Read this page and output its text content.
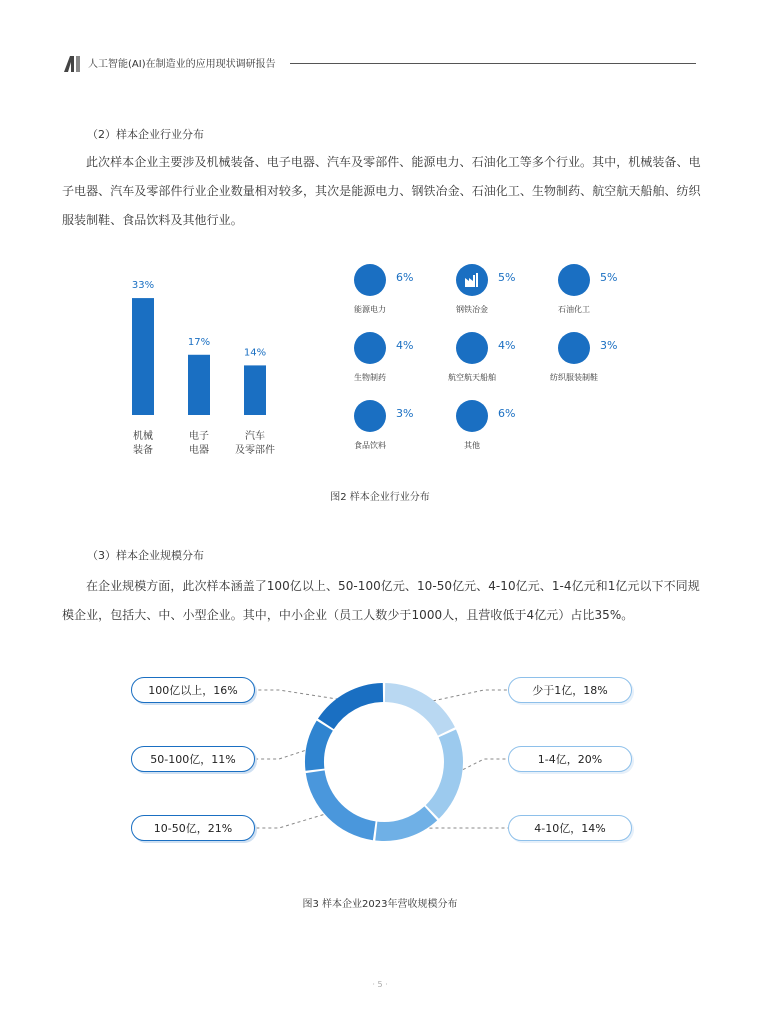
人工智能(AI)在制造业的应用现状调研报告
（2）样本企业行业分布
此次样本企业主要涉及机械装备、电子电器、汽车及零部件、能源电力、石油化工等多个行业。其中，机械装备、电子电器、汽车及零部件行业企业数量相对较多，其次是能源电力、钢铁冶金、石油化工、生物制药、航空航天船舶、纺织服装制鞋、食品饮料及其他行业。
33%
机械
装备
17%
电子
电器
14%
汽车
及零部件
6%
能源电力
5%
钢铁冶金
5%
石油化工
4%
生物制药
4%
航空航天船舶
3%
纺织服装制鞋
3%
食品饮料
6%
其他
图2 样本企业行业分布
（3）样本企业规模分布
在企业规模方面，此次样本涵盖了100亿以上、50-100亿元、10-50亿元、4-10亿元、1-4亿元和1亿元以下不同规模企业，包括大、中、小型企业。其中，中小企业（员工人数少于1000人，且营收低于4亿元）占比35%。
100亿以上，16%
50-100亿，11%
10-50亿，21%
少于1亿，18%
1-4亿，20%
4-10亿，14%
图3 样本企业2023年营收规模分布
· 5 ·
